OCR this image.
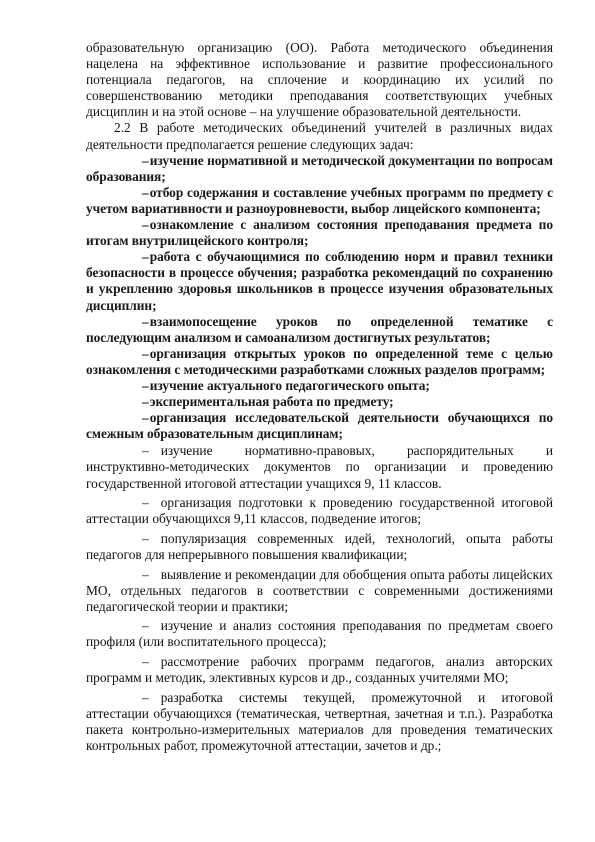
образовательную организацию (ОО). Работа методического объединения нацелена на эффективное использование и развитие профессионального потенциала педагогов, на сплочение и координацию их усилий по совершенствованию методики преподавания соответствующих учебных дисциплин и на этой основе – на улучшение образовательной деятельности.

2.2 В работе методических объединений учителей в различных видах деятельности предполагается решение следующих задач:

–изучение нормативной и методической документации по вопросам образования;

–отбор содержания и составление учебных программ по предмету с учетом вариативности и разноуровневости, выбор лицейского компонента;

–ознакомление с анализом состояния преподавания предмета по итогам внутрилицейского контроля;

–работа с обучающимися по соблюдению норм и правил техники безопасности в процессе обучения; разработка рекомендаций по сохранению и укреплению здоровья школьников в процессе изучения образовательных дисциплин;

–взаимопосещение уроков по определенной тематике с последующим анализом и самоанализом достигнутых результатов;

–организация открытых уроков по определенной теме с целью ознакомления с методическими разработками сложных разделов программ;

–изучение актуального педагогического опыта;

–экспериментальная работа по предмету;

–организация исследовательской деятельности обучающихся по смежным образовательным дисциплинам;

– изучение нормативно-правовых, распорядительных и инструктивно-методических документов по организации и проведению государственной итоговой аттестации учащихся 9, 11 классов.

– организация подготовки к проведению государственной итоговой аттестации обучающихся 9,11 классов, подведение итогов;

– популяризация современных идей, технологий, опыта работы педагогов для непрерывного повышения квалификации;

– выявление и рекомендации для обобщения опыта работы лицейских МО, отдельных педагогов в соответствии с современными достижениями педагогической теории и практики;

– изучение и анализ состояния преподавания по предметам своего профиля (или воспитательного процесса);

– рассмотрение рабочих программ педагогов, анализ авторских программ и методик, элективных курсов и др., созданных учителями МО;

– разработка системы текущей, промежуточной и итоговой аттестации обучающихся (тематическая, четвертная, зачетная и т.п.). Разработка пакета контрольно-измерительных материалов для проведения тематических контрольных работ, промежуточной аттестации, зачетов и др.;
